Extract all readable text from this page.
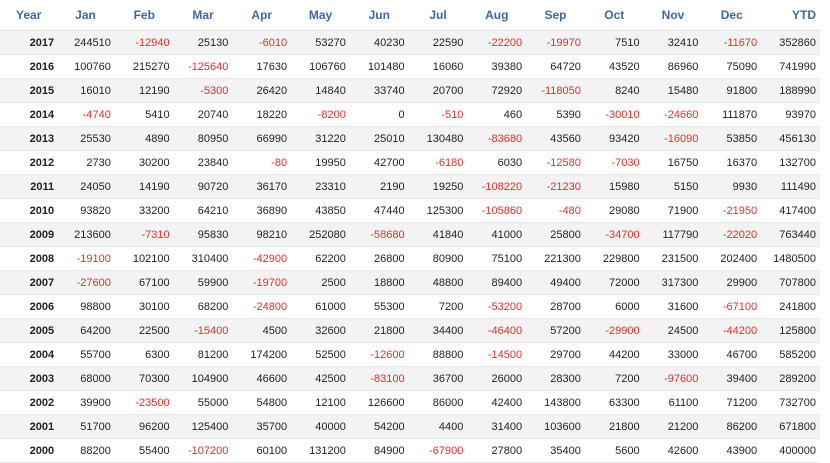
Year	Jan	Feb	Mar	Apr	May	Jun	Jul	Aug	Sep	Oct	Nov	Dec	YTD
2017	244510	-12940	25130	-6010	53270	40230	22590	-22200	-19970	7510	32410	-11670	352860
2016	100760	215270	-125640	17630	106760	101480	16060	39380	64720	43520	86960	75090	741990
2015	16010	12190	-5300	26420	14840	33740	20700	72920	-118050	8240	15480	91800	188990
2014	-4740	5410	20740	18220	-8200	0	-510	460	5390	-30010	-24660	111870	93970
2013	25530	4890	80950	66990	31220	25010	130480	-83680	43560	93420	-16090	53850	456130
2012	2730	30200	23840	-80	19950	42700	-6180	6030	-12580	-7030	16750	16370	132700
2011	24050	14190	90720	36170	23310	2190	19250	-108220	-21230	15980	5150	9930	111490
2010	93820	33200	64210	36890	43850	47440	125300	-105860	-480	29080	71900	-21950	417400
2009	213600	-7310	95830	98210	252080	-58680	41840	41000	25800	-34700	117790	-22020	763440
2008	-19100	102100	310400	-42900	62200	26800	80900	75100	221300	229800	231500	202400	1480500
2007	-27600	67100	59900	-19700	2500	18800	48800	89400	49400	72000	317300	29900	707800
2006	98800	30100	68200	-24800	61000	55300	7200	-53200	28700	6000	31600	-67100	241800
2005	64200	22500	-15400	4500	32600	21800	34400	-46400	57200	-29900	24500	-44200	125800
2004	55700	6300	81200	174200	52500	-12600	88800	-14500	29700	44200	33000	46700	585200
2003	68000	70300	104900	46600	42500	-83100	36700	26000	28300	7200	-97600	39400	289200
2002	39900	-23500	55000	54800	12100	126600	86000	42400	143800	63300	61100	71200	732700
2001	51700	96200	125400	35700	40000	54200	4400	31400	103600	21800	21200	86200	671800
2000	88200	55400	-107200	60100	131200	84900	-67900	27800	35400	5600	42600	43900	400000
